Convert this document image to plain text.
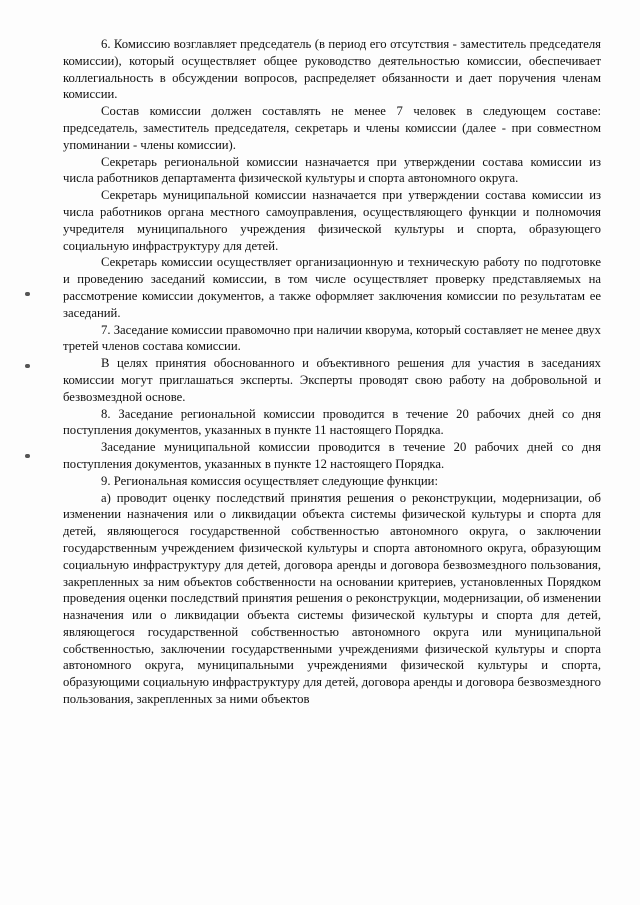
6. Комиссию возглавляет председатель (в период его отсутствия - заместитель председателя комиссии), который осуществляет общее руководство деятельностью комиссии, обеспечивает коллегиальность в обсуждении вопросов, распределяет обязанности и дает поручения членам комиссии.

Состав комиссии должен составлять не менее 7 человек в следующем составе: председатель, заместитель председателя, секретарь и члены комиссии (далее - при совместном упоминании - члены комиссии).

Секретарь региональной комиссии назначается при утверждении состава комиссии из числа работников департамента физической культуры и спорта автономного округа.

Секретарь муниципальной комиссии назначается при утверждении состава комиссии из числа работников органа местного самоуправления, осуществляющего функции и полномочия учредителя муниципального учреждения физической культуры и спорта, образующего социальную инфраструктуру для детей.

Секретарь комиссии осуществляет организационную и техническую работу по подготовке и проведению заседаний комиссии, в том числе осуществляет проверку представляемых на рассмотрение комиссии документов, а также оформляет заключения комиссии по результатам ее заседаний.

7. Заседание комиссии правомочно при наличии кворума, который составляет не менее двух третей членов состава комиссии.

В целях принятия обоснованного и объективного решения для участия в заседаниях комиссии могут приглашаться эксперты. Эксперты проводят свою работу на добровольной и безвозмездной основе.

8. Заседание региональной комиссии проводится в течение 20 рабочих дней со дня поступления документов, указанных в пункте 11 настоящего Порядка.

Заседание муниципальной комиссии проводится в течение 20 рабочих дней со дня поступления документов, указанных в пункте 12 настоящего Порядка.

9. Региональная комиссия осуществляет следующие функции:

а) проводит оценку последствий принятия решения о реконструкции, модернизации, об изменении назначения или о ликвидации объекта системы физической культуры и спорта для детей, являющегося государственной собственностью автономного округа, о заключении государственным учреждением физической культуры и спорта автономного округа, образующим социальную инфраструктуру для детей, договора аренды и договора безвозмездного пользования, закрепленных за ним объектов собственности на основании критериев, установленных Порядком проведения оценки последствий принятия решения о реконструкции, модернизации, об изменении назначения или о ликвидации объекта системы физической культуры и спорта для детей, являющегося государственной собственностью автономного округа или муниципальной собственностью, заключении государственными учреждениями физической культуры и спорта автономного округа, муниципальными учреждениями физической культуры и спорта, образующими социальную инфраструктуру для детей, договора аренды и договора безвозмездного пользования, закрепленных за ними объектов
